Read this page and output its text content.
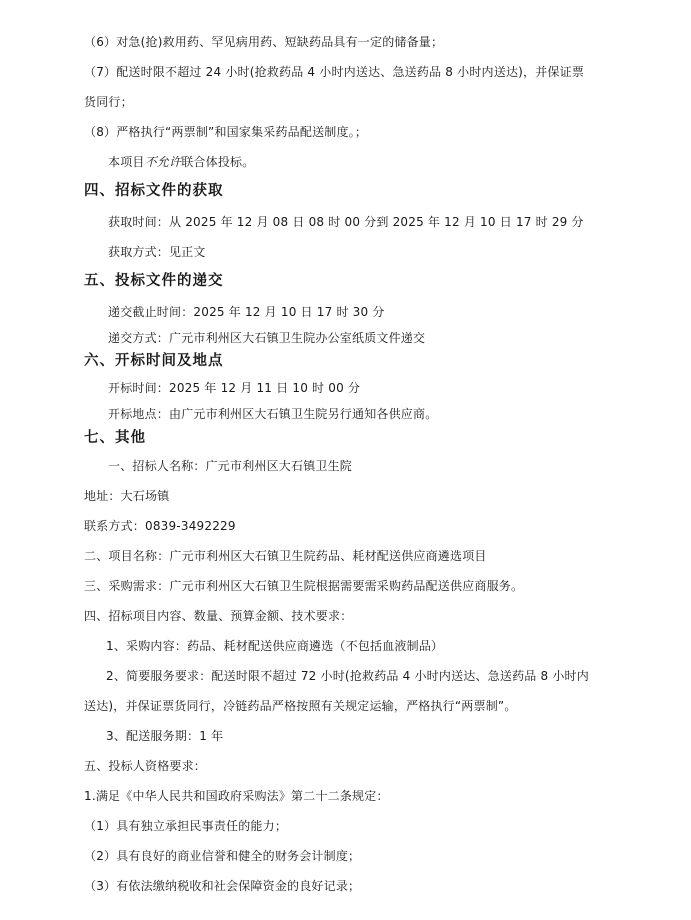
（6）对急(抢)救用药、罕见病用药、短缺药品具有一定的储备量；
（7）配送时限不超过 24 小时(抢救药品 4 小时内送达、急送药品 8 小时内送达)，并保证票
货同行；
（8）严格执行“两票制”和国家集采药品配送制度。；
本项目不允许联合体投标。
四、招标文件的获取
获取时间：从 2025 年 12 月 08 日 08 时 00 分到 2025 年 12 月 10 日 17 时 29 分
获取方式：见正文
五、投标文件的递交
递交截止时间：2025 年 12 月 10 日 17 时 30 分
递交方式：广元市利州区大石镇卫生院办公室纸质文件递交
六、开标时间及地点
开标时间：2025 年 12 月 11 日 10 时 00 分
开标地点：由广元市利州区大石镇卫生院另行通知各供应商。
七、其他
一、招标人名称：广元市利州区大石镇卫生院
地址：大石场镇
联系方式：0839-3492229
二、项目名称：广元市利州区大石镇卫生院药品、耗材配送供应商遴选项目
三、采购需求：广元市利州区大石镇卫生院根据需要需采购药品配送供应商服务。
四、招标项目内容、数量、预算金额、技术要求：
1、采购内容：药品、耗材配送供应商遴选（不包括血液制品）
2、简要服务要求：配送时限不超过 72 小时(抢救药品 4 小时内送达、急送药品 8 小时内
送达)，并保证票货同行，冷链药品严格按照有关规定运输，严格执行“两票制”。
3、配送服务期：1 年
五、投标人资格要求：
1.满足《中华人民共和国政府采购法》第二十二条规定：
（1）具有独立承担民事责任的能力；
（2）具有良好的商业信誉和健全的财务会计制度；
（3）有依法缴纳税收和社会保障资金的良好记录；
